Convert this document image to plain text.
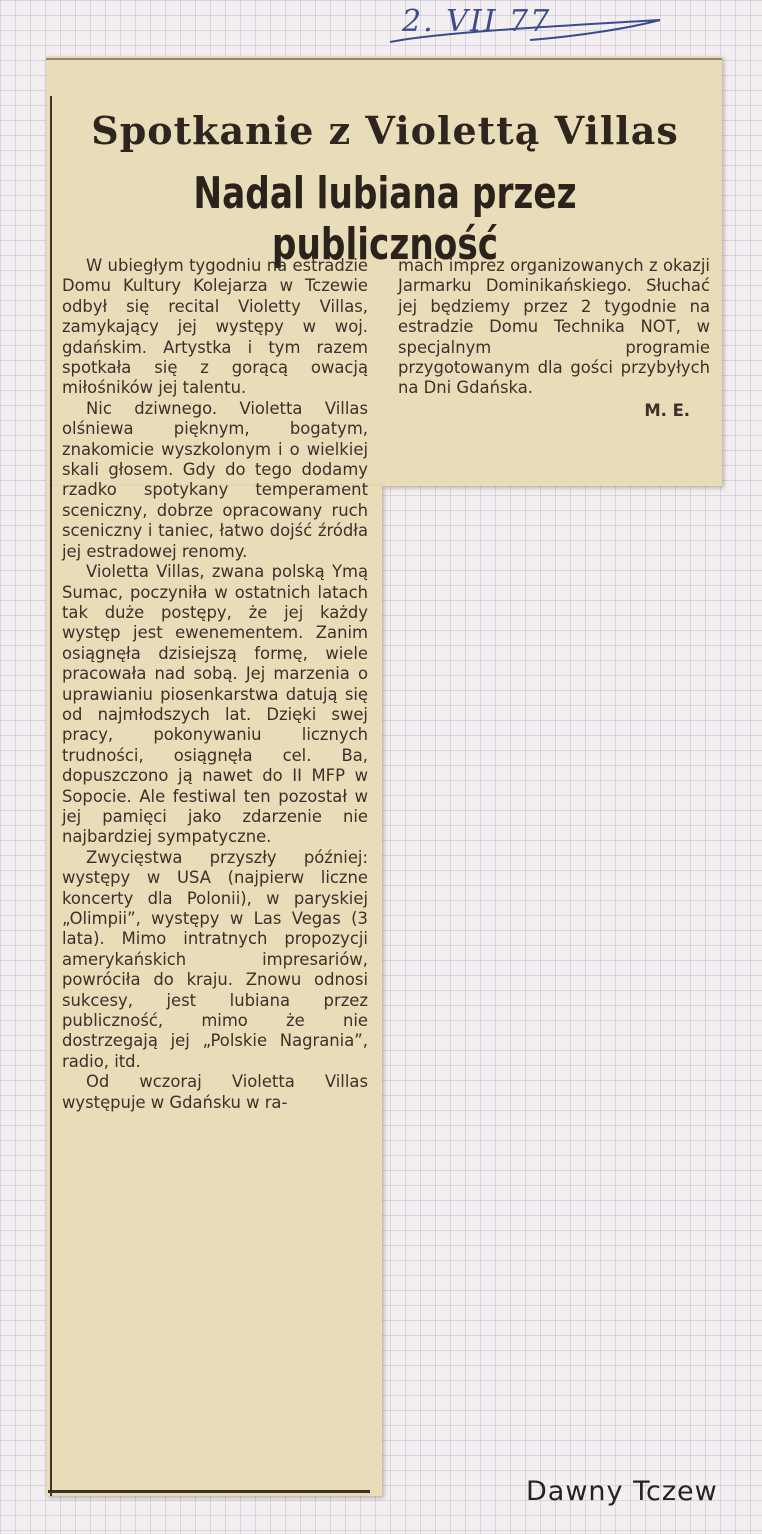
2. VII 77
Spotkanie z Violettą Villas
Nadal lubiana przez publiczność

W ubiegłym tygodniu na estradzie Domu Kultury Kolejarza w Tczewie odbył się recital Violetty Villas, zamykający jej występy w woj. gdańskim. Artystka i tym razem spotkała się z gorącą owacją miłośników jej talentu.

Nic dziwnego. Violetta Villas olśniewa pięknym, bogatym, znakomicie wyszkolonym i o wielkiej skali głosem. Gdy do tego dodamy rzadko spotykany temperament sceniczny, dobrze opracowany ruch sceniczny i taniec, łatwo dojść źródła jej estradowej renomy.

Violetta Villas, zwana polską Ymą Sumac, poczyniła w ostatnich latach tak duże postępy, że jej każdy występ jest ewenementem. Zanim osiągnęła dzisiejszą formę, wiele pracowała nad sobą. Jej marzenia o uprawianiu piosenkarstwa datują się od najmłodszych lat. Dzięki swej pracy, pokonywaniu licznych trudności, osiągnęła cel. Ba, dopuszczono ją nawet do II MFP w Sopocie. Ale festiwal ten pozostał w jej pamięci jako zdarzenie nie najbardziej sympatyczne.

Zwycięstwa przyszły później: występy w USA (najpierw liczne koncerty dla Polonii), w paryskiej „Olimpii”, występy w Las Vegas (3 lata). Mimo intratnych propozycji amerykańskich impresariów, powróciła do kraju. Znowu odnosi sukcesy, jest lubiana przez publiczność, mimo że nie dostrzegają jej „Polskie Nagrania”, radio, itd.

Od wczoraj Violetta Villas występuje w Gdańsku w ra-

mach imprez organizowanych z okazji Jarmarku Dominikańskiego. Słuchać jej będziemy przez 2 tygodnie na estradzie Domu Technika NOT, w specjalnym programie przygotowanym dla gości przybyłych na Dni Gdańska.

M. E.

Dawny Tczew
